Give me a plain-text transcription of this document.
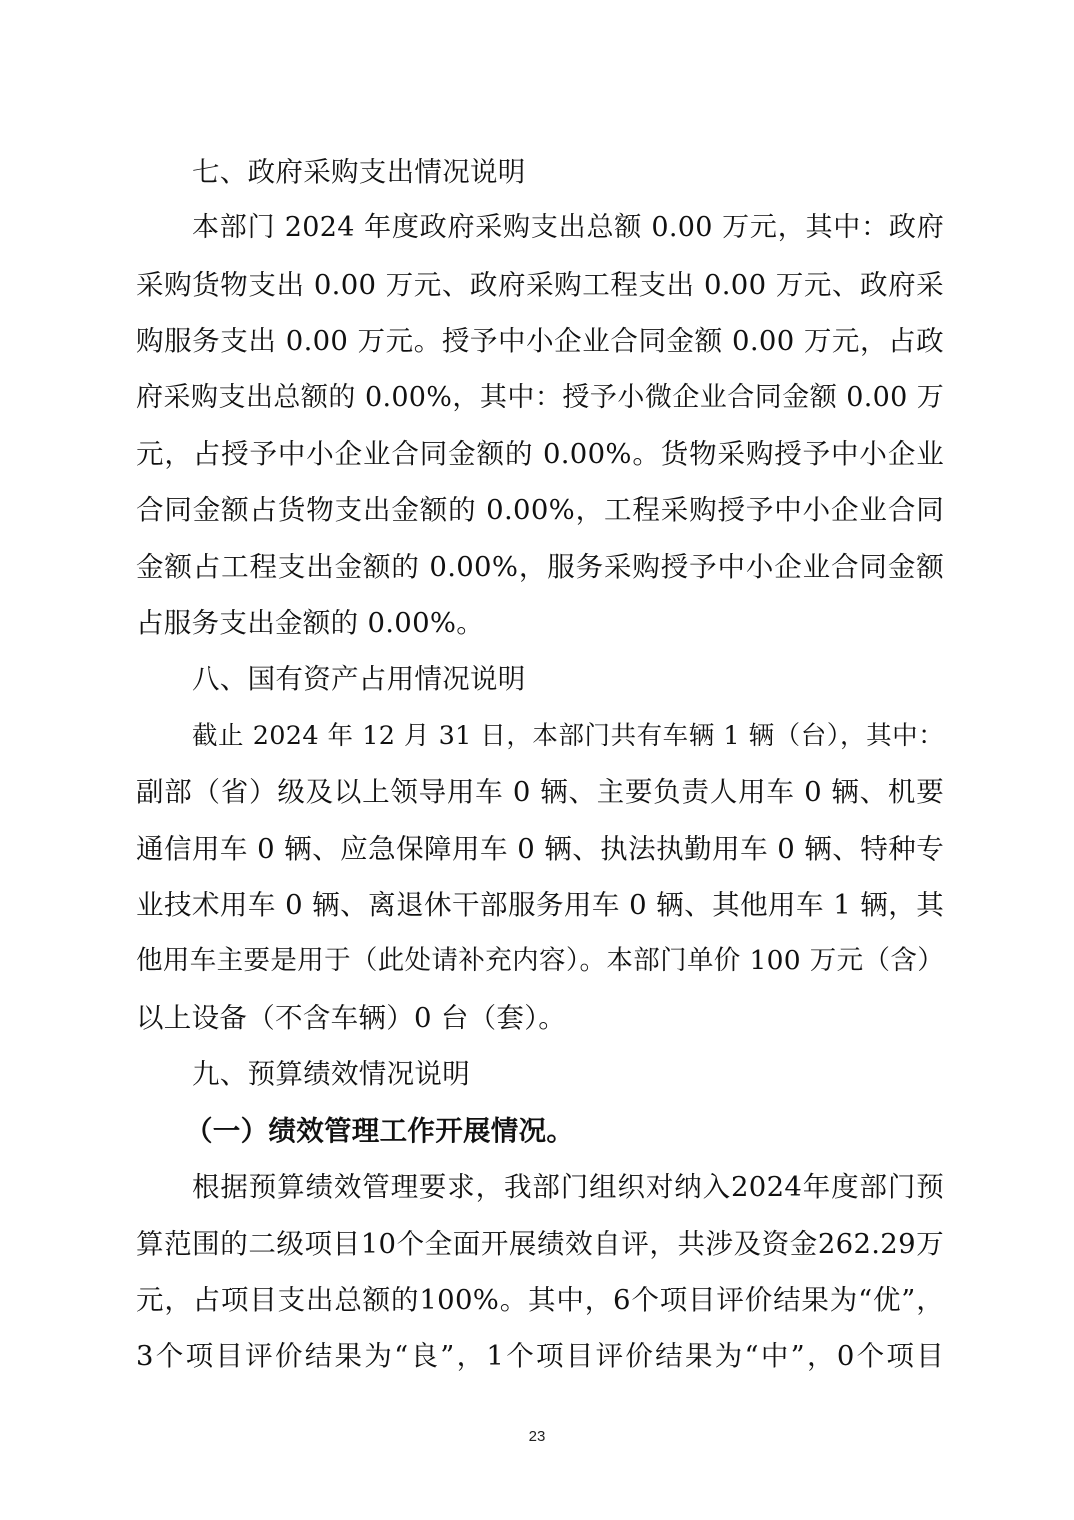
七、政府采购支出情况说明
本部门 2024 年度政府采购支出总额 0.00 万元，其中：政府
采购货物支出 0.00 万元、政府采购工程支出 0.00 万元、政府采
购服务支出 0.00 万元。授予中小企业合同金额 0.00 万元，占政
府采购支出总额的 0.00%，其中：授予小微企业合同金额 0.00 万
元，占授予中小企业合同金额的 0.00%。货物采购授予中小企业
合同金额占货物支出金额的 0.00%，工程采购授予中小企业合同
金额占工程支出金额的 0.00%，服务采购授予中小企业合同金额
占服务支出金额的 0.00%。
八、国有资产占用情况说明
截止 2024 年 12 月 31 日，本部门共有车辆 1 辆（台），其中：
副部（省）级及以上领导用车 0 辆、主要负责人用车 0 辆、机要
通信用车 0 辆、应急保障用车 0 辆、执法执勤用车 0 辆、特种专
业技术用车 0 辆、离退休干部服务用车 0 辆、其他用车 1 辆，其
他用车主要是用于（此处请补充内容）。本部门单价 100 万元（含）
以上设备（不含车辆）0 台（套）。
九、预算绩效情况说明
（一）绩效管理工作开展情况。
根据预算绩效管理要求，我部门组织对纳入2024年度部门预
算范围的二级项目10个全面开展绩效自评，共涉及资金262.29万
元，占项目支出总额的100%。其中，6个项目评价结果为“优”，
3个项目评价结果为“良”，1个项目评价结果为“中”，0个项目
23
